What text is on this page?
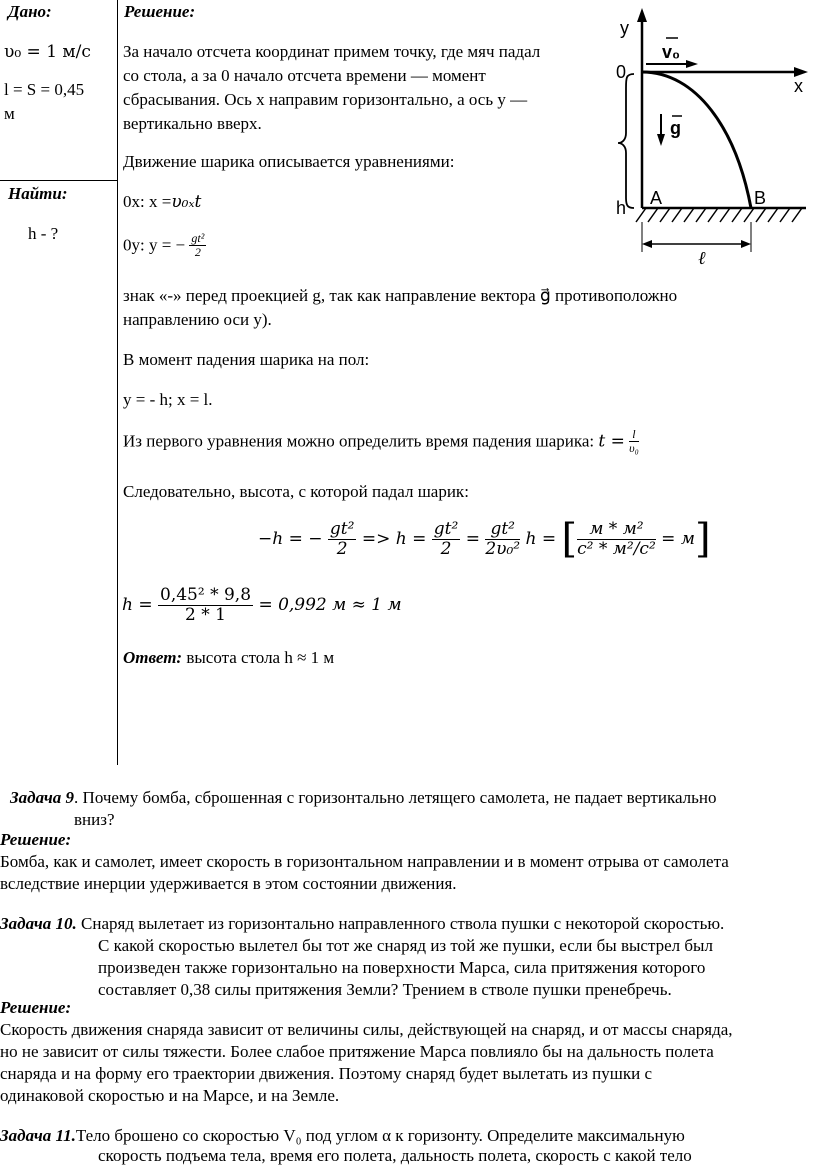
Дано:
υ₀ = 1 м/с
l = S = 0,45
м
Найти:
h - ?
Решение:
За начало отсчета координат примем точку, где мяч падал
со стола, а за 0 начало отсчета времени — момент
сбрасывания. Ось x направим горизонтально, а ось y —
вертикально вверх.
Движение шарика описывается уравнениями:
0x: x =υ₀ₓt
0y: y = − $\frac{\text{gt²}}{2}$
знак «-» перед проекцией g, так как направление вектора g⃗ противоположно
направлению оси y).
В момент падения шарика на пол:
y = - h; x = l.
Из первого уравнения можно определить время падения шарика: $t = \frac{l}{\text{υ₀}}$
Следовательно, высота, с которой падал шарик:
−h = − $\frac{\text{gt²}}{2} => h = \frac{\text{gt²}}{2} = \frac{\text{gt²}}{\text{2υ₀²}}$ h = [ $\frac{\text{м * м²}}{\text{c² * м²/c²}} = м$]
$h = \frac{\text{0,45² * 9,8}}{2 * 1} = 0,992$ м ≈ 1 м
Ответ: высота стола h ≈ 1 м
y
x
0
v₀
g
h A	B
ℓ
Задача 9. Почему бомба, сброшенная с горизонтально летящего самолета, не падает вертикально
вниз?
Решение:
Бомба, как и самолет, имеет скорость в горизонтальном направлении и в момент отрыва от самолета
вследствие инерции удерживается в этом состоянии движения.
Задача 10. Снаряд вылетает из горизонтально направленного ствола пушки с некоторой скоростью.
С какой скоростью вылетел бы тот же снаряд из той же пушки, если бы выстрел был
произведен также горизонтально на поверхности Марса, сила притяжения которого
составляет 0,38 силы притяжения Земли? Трением в стволе пушки пренебречь.
Решение:
Скорость движения снаряда зависит от величины силы, действующей на снаряд, и от массы снаряда,
но не зависит от силы тяжести. Более слабое притяжение Марса повлияло бы на дальность полета
снаряда и на форму его траектории движения. Поэтому снаряд будет вылетать из пушки с
одинаковой скоростью и на Марсе, и на Земле.
Задача 11.Тело брошено со скоростью V₀ под углом α к горизонту. Определите максимальную
скорость подъема тела, время его полета, дальность полета, скорость с какой тело
